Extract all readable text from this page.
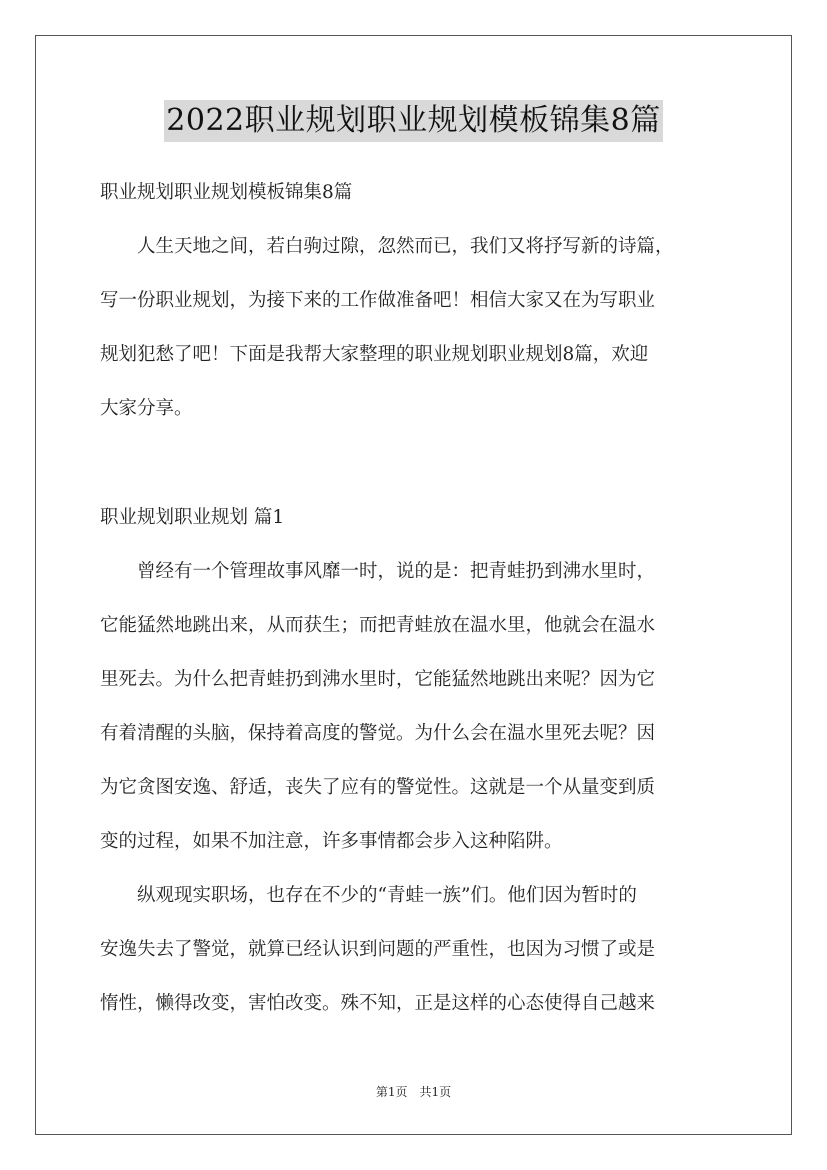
2022职业规划职业规划模板锦集8篇
职业规划职业规划模板锦集8篇
　　人生天地之间，若白驹过隙，忽然而已，我们又将抒写新的诗篇，
写一份职业规划，为接下来的工作做准备吧！相信大家又在为写职业
规划犯愁了吧！下面是我帮大家整理的职业规划职业规划8篇，欢迎
大家分享。
职业规划职业规划 篇1
　　曾经有一个管理故事风靡一时，说的是：把青蛙扔到沸水里时，
它能猛然地跳出来，从而获生；而把青蛙放在温水里，他就会在温水
里死去。为什么把青蛙扔到沸水里时，它能猛然地跳出来呢？因为它
有着清醒的头脑，保持着高度的警觉。为什么会在温水里死去呢？因
为它贪图安逸、舒适，丧失了应有的警觉性。这就是一个从量变到质
变的过程，如果不加注意，许多事情都会步入这种陷阱。
　　纵观现实职场，也存在不少的“青蛙一族”们。他们因为暂时的
安逸失去了警觉，就算已经认识到问题的严重性，也因为习惯了或是
惰性，懒得改变，害怕改变。殊不知，正是这样的心态使得自己越来
第1页　共1页
